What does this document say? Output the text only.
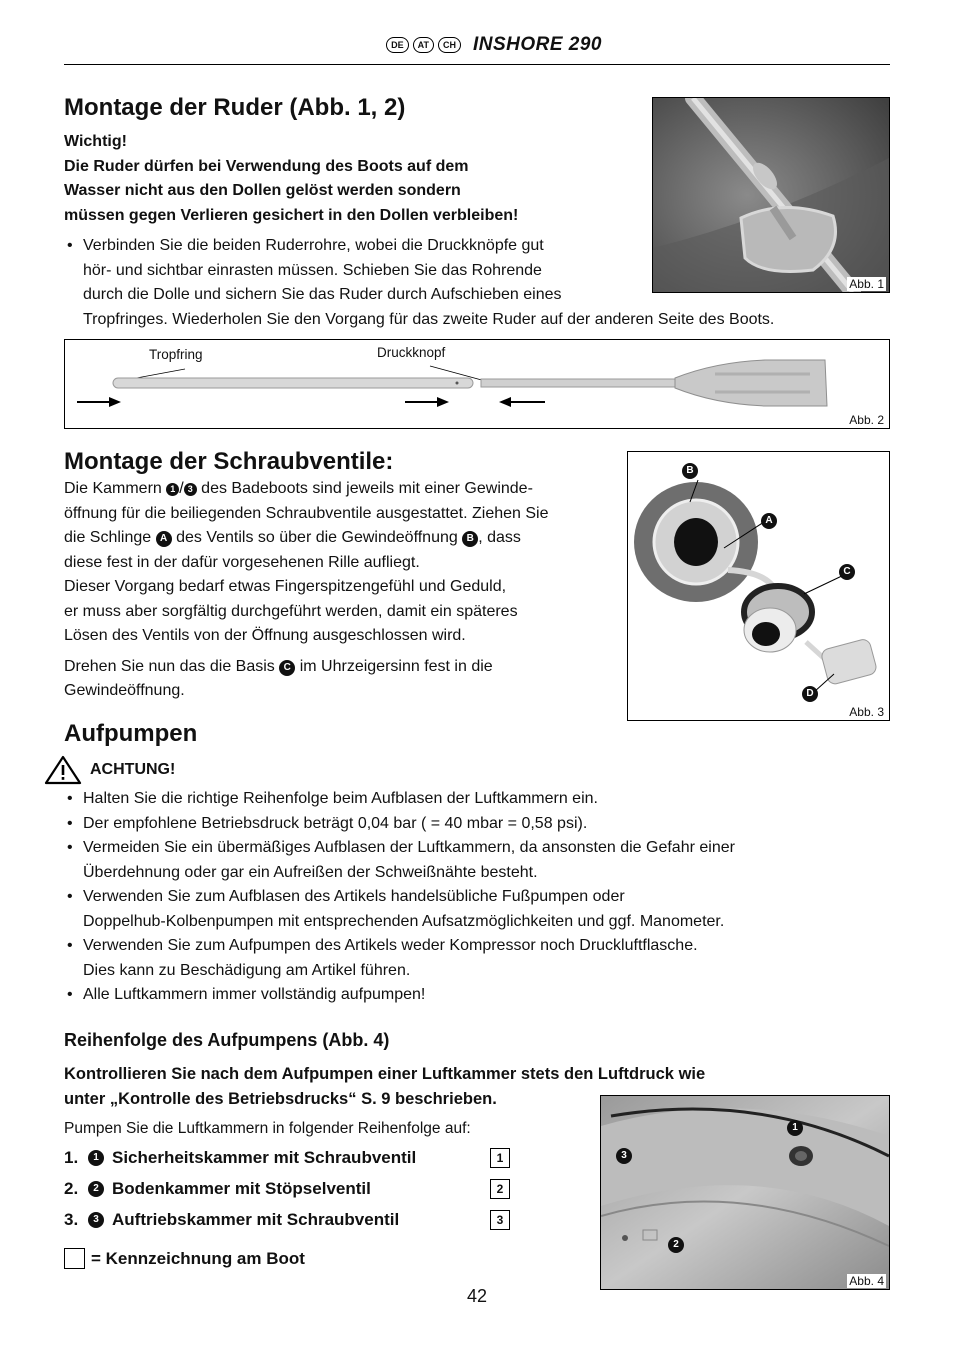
DE	AT	CH INSHORE 290
Montage der Ruder (Abb. 1, 2)
Wichtig!
Die Ruder dürfen bei Verwendung des Boots auf dem
Wasser nicht aus den Dollen gelöst werden sondern
müssen gegen Verlieren gesichert in den Dollen verbleiben!
• Verbinden Sie die beiden Ruderrohre, wobei die Druckknöpfe gut
hör- und sichtbar einrasten müssen. Schieben Sie das Rohrende
durch die Dolle und sichern Sie das Ruder durch Aufschieben eines
Tropfringes. Wiederholen Sie den Vorgang für das zweite Ruder auf der anderen Seite des Boots.
Abb. 1
Tropfring	Druckknopf
Abb. 2
Montage der Schraubventile:
Die Kammern 1 / 3 des Badeboots sind jeweils mit einer Gewinde-
öffnung für die beiliegenden Schraubventile ausgestattet. Ziehen Sie
die Schlinge A des Ventils so über die Gewindeöffnung B , dass
diese fest in der dafür vorgesehenen Rille aufliegt.
Dieser Vorgang bedarf etwas Fingerspitzengefühl und Geduld,
er muss aber sorgfältig durchgeführt werden, damit ein späteres
Lösen des Ventils von der Öffnung ausgeschlossen wird.
Drehen Sie nun das die Basis C im Uhrzeigersinn fest in die
Gewindeöffnung.
B
A
C
D
Abb. 3
Aufpumpen
ACHTUNG!
• Halten Sie die richtige Reihenfolge beim Aufblasen der Luftkammern ein.
• Der empfohlene Betriebsdruck beträgt 0,04 bar ( = 40 mbar = 0,58 psi).
• Vermeiden Sie ein übermäßiges Aufblasen der Luftkammern, da ansonsten die Gefahr einer
Überdehnung oder gar ein Aufreißen der Schweißnähte besteht.
• Verwenden Sie zum Aufblasen des Artikels handelsübliche Fußpumpen oder
Doppelhub-Kolbenpumpen mit entsprechenden Aufsatzmöglichkeiten und ggf. Manometer.
• Verwenden Sie zum Aufpumpen des Artikels weder Kompressor noch Druckluftflasche.
Dies kann zu Beschädigung am Artikel führen.
• Alle Luftkammern immer vollständig aufpumpen!
Reihenfolge des Aufpumpens (Abb. 4)
Kontrollieren Sie nach dem Aufpumpen einer Luftkammer stets den Luftdruck wie
unter „Kontrolle des Betriebsdrucks“ S. 9 beschrieben.
Pumpen Sie die Luftkammern in folgender Reihenfolge auf:
1.	1 Sicherheitskammer mit Schraubventil	1
2.	2 Bodenkammer mit Stöpselventil	2
3.	3 Auftriebskammer mit Schraubventil	3
= Kennzeichnung am Boot
1
3
2
Abb. 4
42
